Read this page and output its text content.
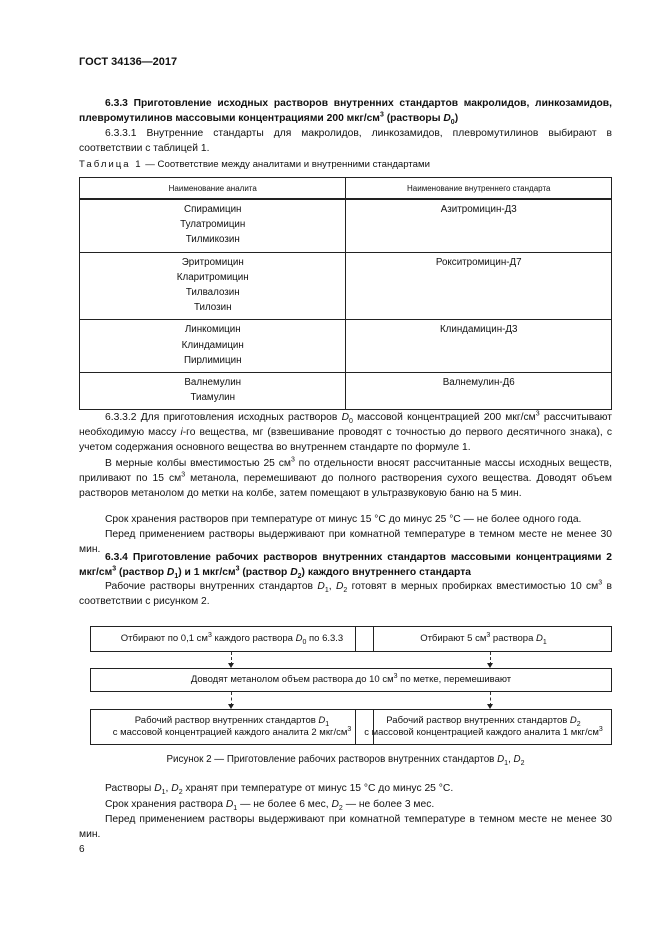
ГОСТ 34136—2017
6.3.3 Приготовление исходных растворов внутренних стандартов макролидов, линкозамидов, плевромутилинов массовыми концентрациями 200 мкг/$см^3$ (растворы $D_0$)
6.3.3.1 Внутренние стандарты для макролидов, линкозамидов, плевромутилинов выбирают в соответствии с таблицей 1.
Таблица 1 — Соответствие между аналитами и внутренними стандартами
Наименование аналита	Наименование внутреннего стандарта

Спирамицин
Тулатромицин
Тилмикозин	Азитромицин-Д3

Эритромицин
Кларитромицин
Тилвалозин
Тилозин	Рокситромицин-Д7

Линкомицин
Клиндамицин
Пирлимицин	Клиндамицин-Д3

Валнемулин
Тиамулин	Валнемулин-Д6
6.3.3.2 Для приготовления исходных растворов $D_0$ массовой концентрацией 200 мкг/$см^3$ рассчитывают необходимую массу i-го вещества, мг (взвешивание проводят с точностью до первого десятичного знака), с учетом содержания основного вещества во внутреннем стандарте по формуле 1.
В мерные колбы вместимостью 25 $см^3$ по отдельности вносят рассчитанные массы исходных веществ, приливают по 15 $см^3$ метанола, перемешивают до полного растворения сухого вещества. Доводят объем растворов метанолом до метки на колбе, затем помещают в ультразвуковую баню на 5 мин.
Срок хранения растворов при температуре от минус 15 °С до минус 25 °С — не более одного года.
Перед применением растворы выдерживают при комнатной температуре в темном месте не менее 30 мин.
6.3.4 Приготовление рабочих растворов внутренних стандартов массовыми концентрациями 2 мкг/$см^3$ (раствор $D_1$) и 1 мкг/$см^3$ (раствор $D_2$) каждого внутреннего стандарта
Рабочие растворы внутренних стандартов $D_1$, $D_2$ готовят в мерных пробирках вместимостью 10 $см^3$ в соответствии с рисунком 2.
Отбирают по 0,1 $см^3$ каждого раствора $D_0$ по 6.3.3	Отбирают 5 $см^3$ раствора $D_1$
Доводят метанолом объем раствора до 10 $см^3$ по метке, перемешивают
Рабочий раствор внутренних стандартов $D_1$
с массовой концентрацией каждого аналита 2 мкг/$см^3$
Рабочий раствор внутренних стандартов $D_2$
с массовой концентрацией каждого аналита 1 мкг/$см^3$
Рисунок 2 — Приготовление рабочих растворов внутренних стандартов $D_1$, $D_2$
Растворы $D_1$, $D_2$ хранят при температуре от минус 15 °С до минус 25 °С.
Срок хранения раствора $D_1$ — не более 6 мес, $D_2$ — не более 3 мес.
Перед применением растворы выдерживают при комнатной температуре в темном месте не менее 30 мин.
6
